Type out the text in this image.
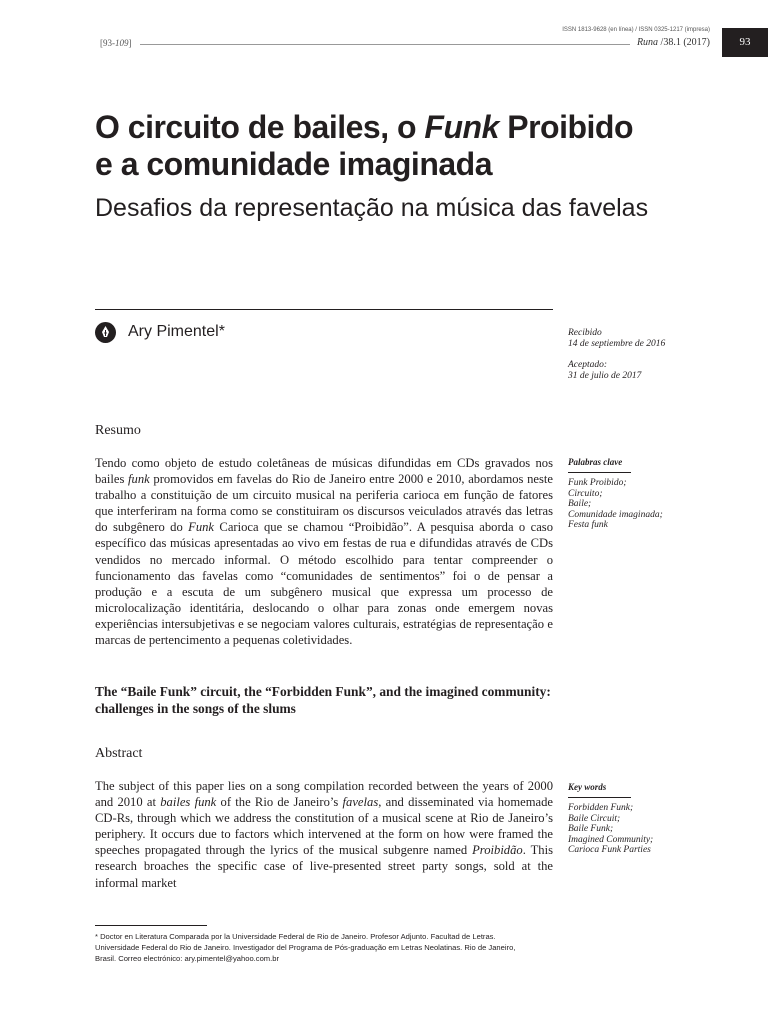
[93-109]
ISSN 1813-9628 (en línea) / ISSN 0325-1217 (impresa)
Runa /38.1 (2017)	93
O circuito de bailes, o Funk Proibido
e a comunidade imaginada
Desafios da representação na música das favelas
Ary Pimentel*	Recibido
14 de septiembre de 2016
Aceptado:
31 de julio de 2017
Resumo
Tendo como objeto de estudo coletâneas de músicas difundidas em CDs gravados nos bailes funk promovidos em favelas do Rio de Janeiro entre 2000 e 2010, abordamos neste trabalho a constituição de um circuito musical na periferia carioca em função de fatores que interferiram na forma como se constituiram os discursos veiculados através das letras do subgênero do Funk Carioca que se chamou “Proibidão”. A pesquisa aborda o caso específico das músicas apresentadas ao vivo em festas de rua e difundidas através de CDs vendidos no mercado informal. O método escolhido para tentar compreender o funcionamento das favelas como “comunidades de sentimentos” foi o de pensar a produção e a escuta de um subgênero musical que expressa um processo de microlocalização identitária, deslocando o olhar para zonas onde emergem novas experiências intersubjetivas e se negociam valores culturais, estratégias de representação e marcas de pertencimento a pequenas coletividades.
Palabras clave
Funk Proibido;
Circuito;
Baile;
Comunidade imaginada;
Festa funk
The “Baile Funk” circuit, the “Forbidden Funk”, and the imagined community: challenges in the songs of the slums
Abstract
The subject of this paper lies on a song compilation recorded between the years of 2000 and 2010 at bailes funk of the Rio de Janeiro’s favelas, and disseminated via homemade CD-Rs, through which we address the constitution of a musical scene at Rio de Janeiro’s periphery. It occurs due to factors which intervened at the form on how were framed the speeches propagated through the lyrics of the musical subgenre named Proibidão. This research broaches the specific case of live-presented street party songs, sold at the informal market
Key words
Forbidden Funk;
Baile Circuit;
Baile Funk;
Imagined Community;
Carioca Funk Parties
* Doctor en Literatura Comparada por la Universidade Federal de Rio de Janeiro. Profesor Adjunto. Facultad de Letras. Universidade Federal do Rio de Janeiro. Investigador del Programa de Pós-graduação em Letras Neolatinas. Rio de Janeiro, Brasil. Correo electrónico: ary.pimentel@yahoo.com.br
